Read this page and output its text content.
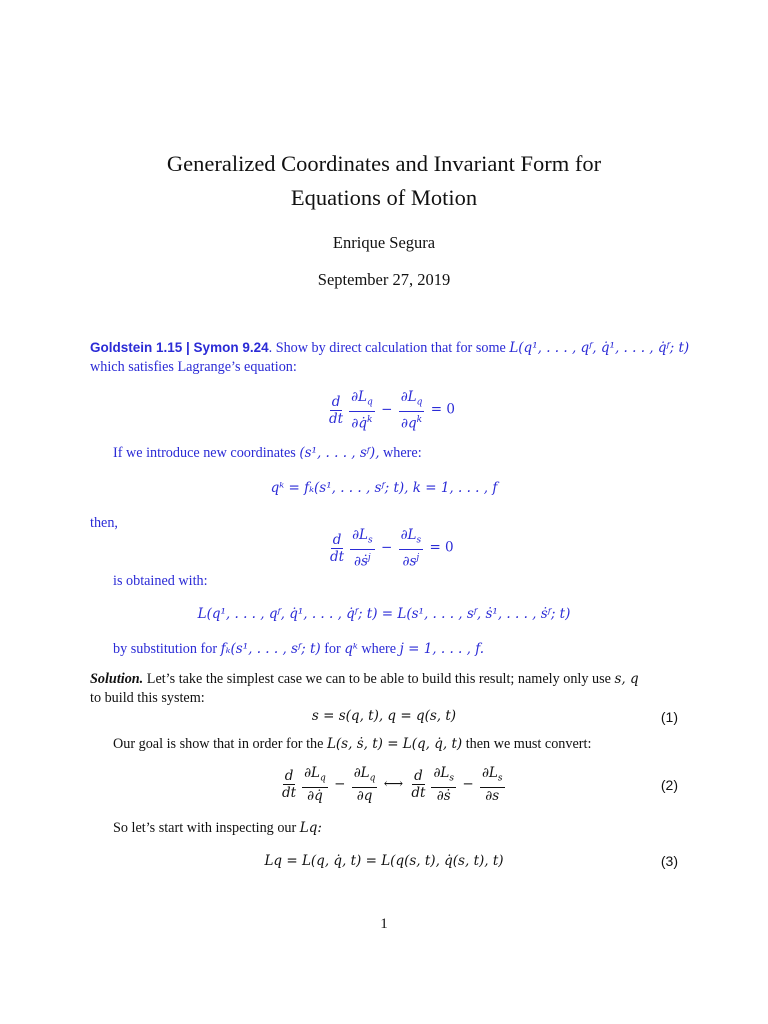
Generalized Coordinates and Invariant Form for
Equations of Motion
Enrique Segura
September 27, 2019
Goldstein 1.15 | Symon 9.24. Show by direct calculation that for some L(q¹, . . . , qᶠ, q̇¹, . . . , q̇ᶠ; t)
which satisfies Lagrange’s equation:
$\frac{d}{dt} \frac{\partial L_q}{\partial q̇^k} - \frac{\partial L_q}{\partial q^k} = 0$
If we introduce new coordinates (s¹, . . . , sᶠ), where:
qᵏ = fₖ(s¹, . . . , sᶠ; t), k = 1, . . . , f
then,
$\frac{d}{dt} \frac{\partial L_s}{\partial ṡ^j} - \frac{\partial L_s}{\partial s^j} = 0$
is obtained with:
L(q¹, . . . , qᶠ, q̇¹, . . . , q̇ᶠ; t) = L(s¹, . . . , sᶠ, ṡ¹, . . . , ṡᶠ; t)
by substitution for fₖ(s¹, . . . , sᶠ; t) for qᵏ where j = 1, . . . , f.
Solution. Let’s take the simplest case we can to be able to build this result; namely only use s, q
to build this system:
s = s(q, t), q = q(s, t)	(1)
Our goal is show that in order for the L(s, ṡ, t) = L(q, q̇, t) then we must convert:
$\frac{d}{dt} \frac{\partial L_q}{\partial q̇} - \frac{\partial L_q}{\partial q}$ ⟷ $\frac{d}{dt} \frac{\partial L_s}{\text{∂ṡ}} - \frac{\partial L_s}{\partial s}$	(2)
So let’s start with inspecting our Lq:
Lq = L(q, q̇, t) = L(q(s, t), q̇(s, t), t)	(3)
1
